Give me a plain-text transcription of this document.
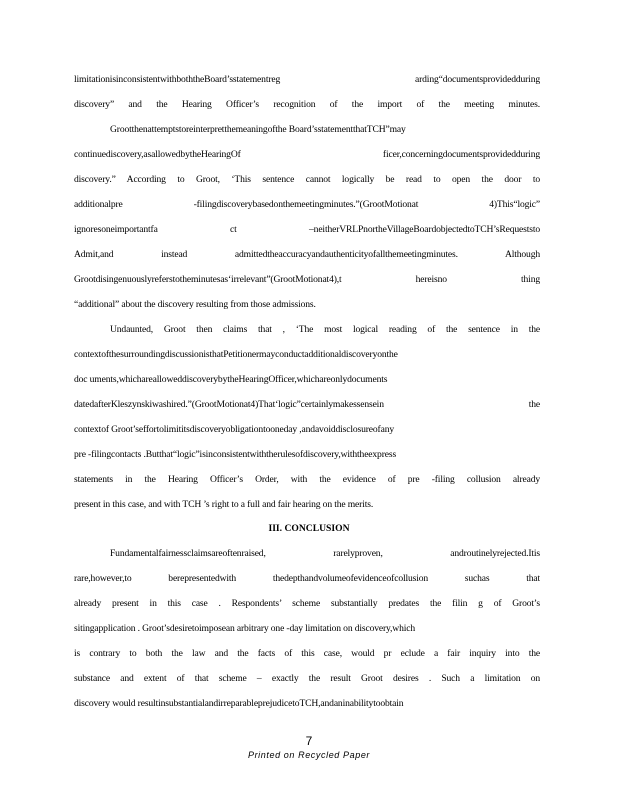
limitationisinconsistentwithboththeBoard’sstatementreg arding“documentsprovidedduring
discovery” and the Hearing Officer’s recognition of the import of the meeting minutes.
Grootthenattemptstoreinterpretthemeaningofthe Board’sstatementthatTCH”may
continuediscovery,asallowedbytheHearingOf ficer,concerningdocumentsprovidedduring
discovery.” According to Groot, ‘This sentence cannot logically be read to open the door to
additionalpre -filingdiscoverybasedonthemeetingminutes.”(GrootMotionat 4)This“logic”
ignoresoneimportantfa ct –neitherVRLPnortheVillageBoardobjectedtoTCH’sRequeststo
Admit,and instead admittedtheaccuracyandauthenticityofallthemeetingminutes. Although
Grootdisingenuouslyreferstotheminutesas‘irrelevant”(GrootMotionat4),t hereisno thing
“additional” about the discovery resulting from those admissions.
Undaunted, Groot then claims that , ‘The most logical reading of the sentence in the
contextofthesurroundingdiscussionisthatPetitionermayconductadditionaldiscoveryonthe
doc uments,whicharealloweddiscoverybytheHearingOfficer,whichareonlydocuments
datedafterKleszynskiwashired.”(GrootMotionat4)That‘logic”certainlymakessensein the
contextof Groot’seffortolimititsdiscoveryobligationtooneday ,andavoiddisclosureofany
pre -filingcontacts .Butthat“logic”isinconsistentwiththerulesofdiscovery,withtheexpress
statements in the Hearing Officer’s Order, with the evidence of pre -filing collusion already
present in this case, and with TCH ’s right to a full and fair hearing on the merits.
III. CONCLUSION
Fundamentalfairnessclaimsareoftenraised, rarelyproven, androutinelyrejected.Itis
rare,however,to berepresentedwith thedepthandvolumeofevidenceofcollusion suchas that
already present in this case . Respondents’ scheme substantially predates the filin g of Groot’s
sitingapplication . Groot’sdesiretoimposean arbitrary one -day limitation on discovery,which
is contrary to both the law and the facts of this case, would pr eclude a fair inquiry into the
substance and extent of that scheme – exactly the result Groot desires . Such a limitation on
discovery would resultinsubstantialandirreparableprejudicetoTCH,andaninabilitytoobtain
7
Printed on Recycled Paper
